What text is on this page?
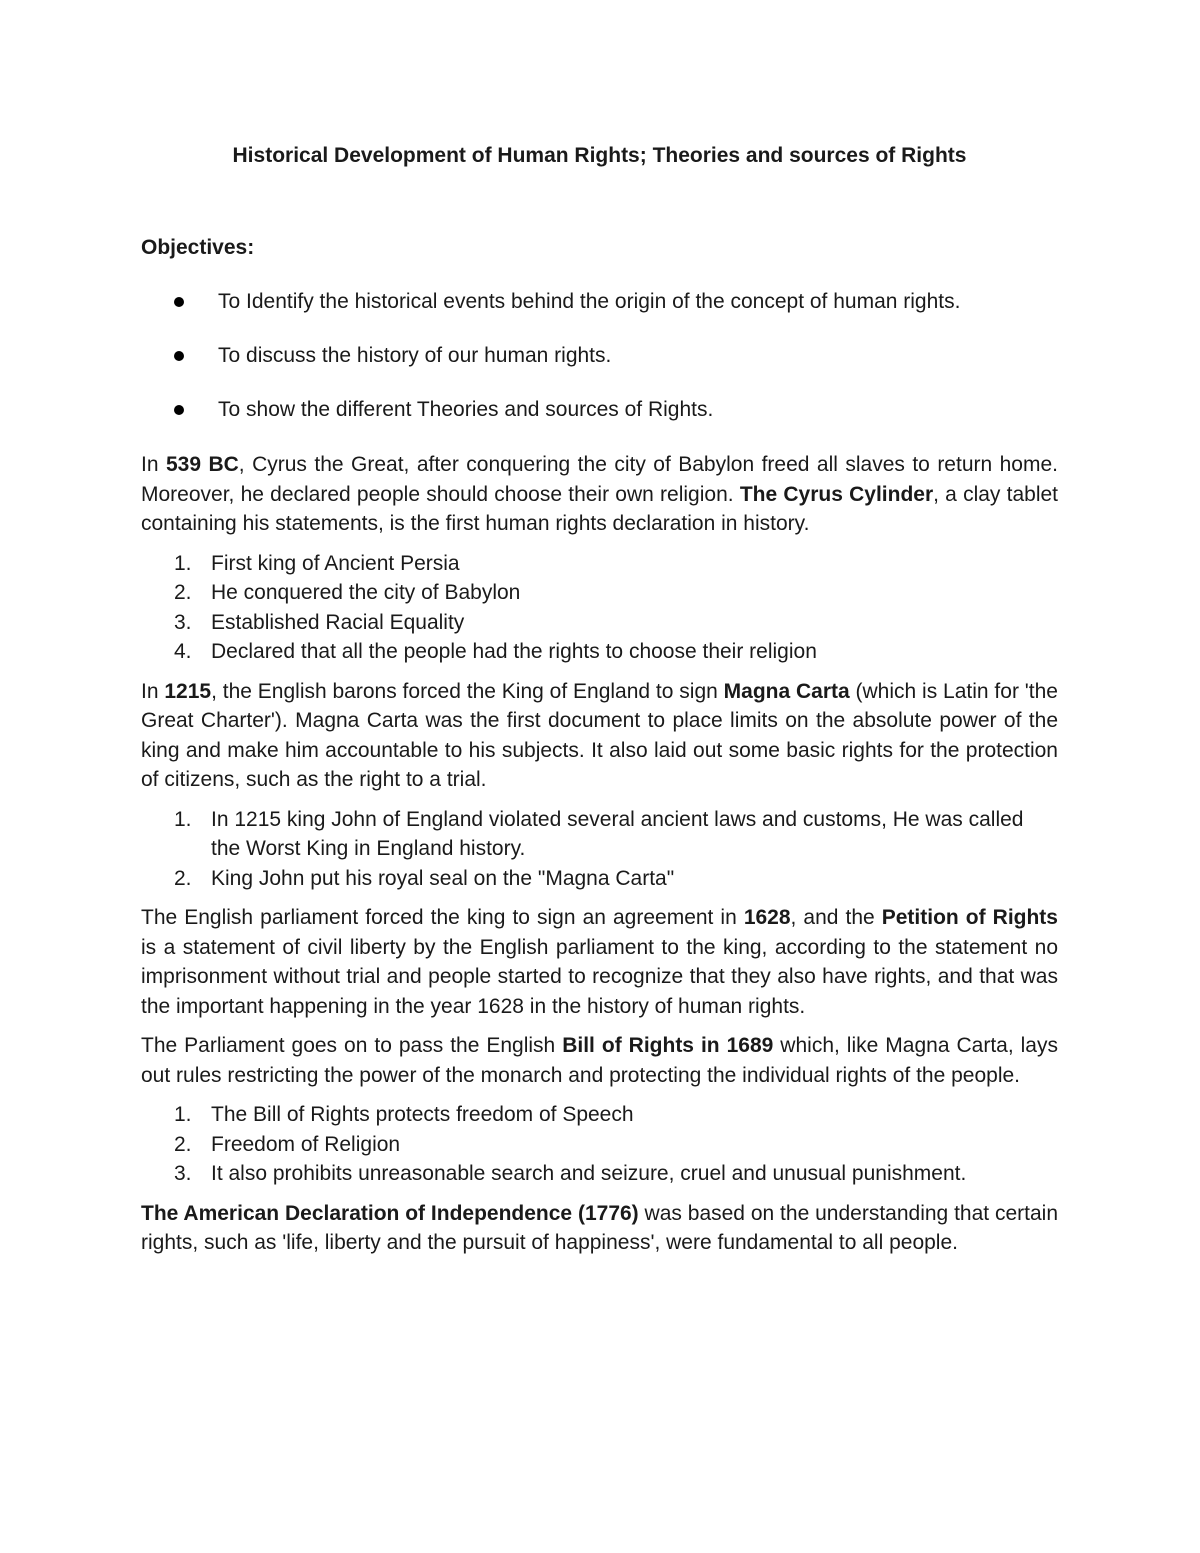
Historical Development of Human Rights; Theories and sources of Rights
Objectives:
To Identify the historical events behind the origin of the concept of human rights.
To discuss the history of our human rights.
To show the different Theories and sources of Rights.

In 539 BC, Cyrus the Great, after conquering the city of Babylon freed all slaves to return home. Moreover, he declared people should choose their own religion. The Cyrus Cylinder, a clay tablet containing his statements, is the first human rights declaration in history.

1. First king of Ancient Persia
2. He conquered the city of Babylon
3. Established Racial Equality
4. Declared that all the people had the rights to choose their religion

In 1215, the English barons forced the King of England to sign Magna Carta (which is Latin for 'the Great Charter'). Magna Carta was the first document to place limits on the absolute power of the king and make him accountable to his subjects. It also laid out some basic rights for the protection of citizens, such as the right to a trial.

1. In 1215 king John of England violated several ancient laws and customs, He was called the Worst King in England history.
2. King John put his royal seal on the "Magna Carta"

The English parliament forced the king to sign an agreement in 1628, and the Petition of Rights is a statement of civil liberty by the English parliament to the king, according to the statement no imprisonment without trial and people started to recognize that they also have rights, and that was the important happening in the year 1628 in the history of human rights.

The Parliament goes on to pass the English Bill of Rights in 1689 which, like Magna Carta, lays out rules restricting the power of the monarch and protecting the individual rights of the people.

1. The Bill of Rights protects freedom of Speech
2. Freedom of Religion
3. It also prohibits unreasonable search and seizure, cruel and unusual punishment.

The American Declaration of Independence (1776) was based on the understanding that certain rights, such as 'life, liberty and the pursuit of happiness', were fundamental to all people.
